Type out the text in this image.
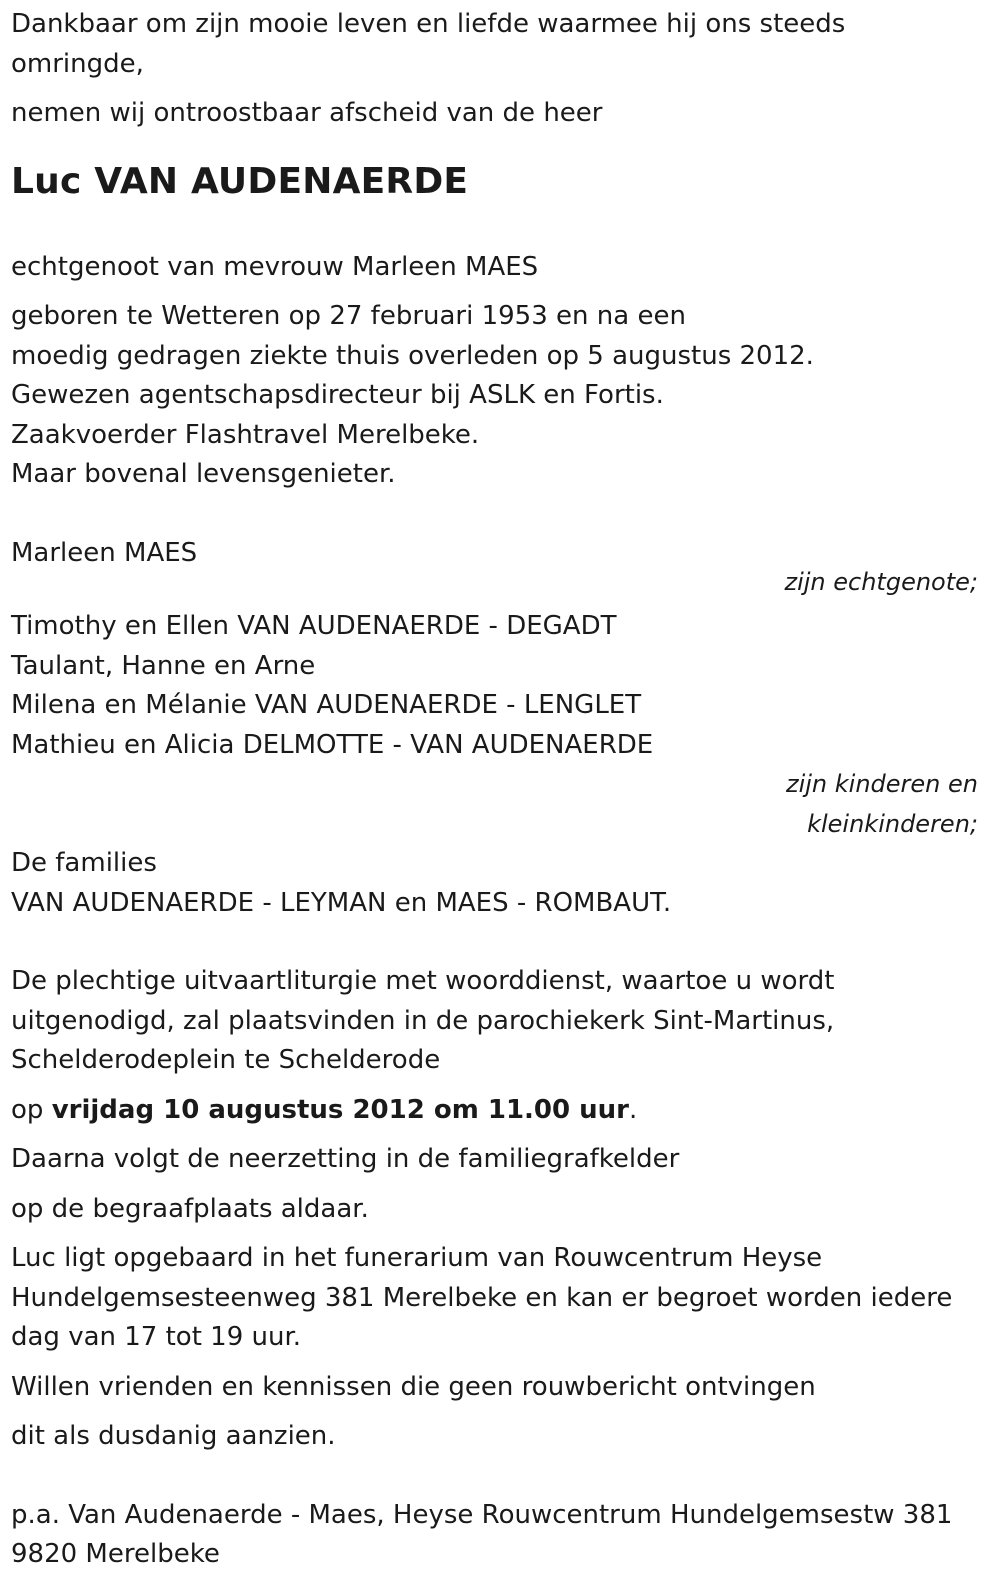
Dankbaar om zijn mooie leven en liefde waarmee hij ons steeds omringde,

nemen wij ontroostbaar afscheid van de heer

Luc VAN AUDENAERDE

echtgenoot van mevrouw Marleen MAES

geboren te Wetteren op 27 februari 1953 en na een

moedig gedragen ziekte thuis overleden op 5 augustus 2012.

Gewezen agentschapsdirecteur bij ASLK en Fortis.

Zaakvoerder Flashtravel Merelbeke.

Maar bovenal levensgenieter.

Marleen MAES

zijn echtgenote;

Timothy en Ellen VAN AUDENAERDE - DEGADT

Taulant, Hanne en Arne

Milena en Mélanie VAN AUDENAERDE - LENGLET

Mathieu en Alicia DELMOTTE - VAN AUDENAERDE

zijn kinderen en

kleinkinderen;

De families

VAN AUDENAERDE - LEYMAN en MAES - ROMBAUT.

De plechtige uitvaartliturgie met woorddienst, waartoe u wordt

uitgenodigd, zal plaatsvinden in de parochiekerk Sint-Martinus,

Schelderodeplein te Schelderode

op vrijdag 10 augustus 2012 om 11.00 uur.

Daarna volgt de neerzetting in de familiegrafkelder

op de begraafplaats aldaar.

Luc ligt opgebaard in het funerarium van Rouwcentrum Heyse

Hundelgemsesteenweg 381 Merelbeke en kan er begroet worden iedere

dag van 17 tot 19 uur.

Willen vrienden en kennissen die geen rouwbericht ontvingen

dit als dusdanig aanzien.

p.a. Van Audenaerde - Maes, Heyse Rouwcentrum Hundelgemsestw 381

9820 Merelbeke
